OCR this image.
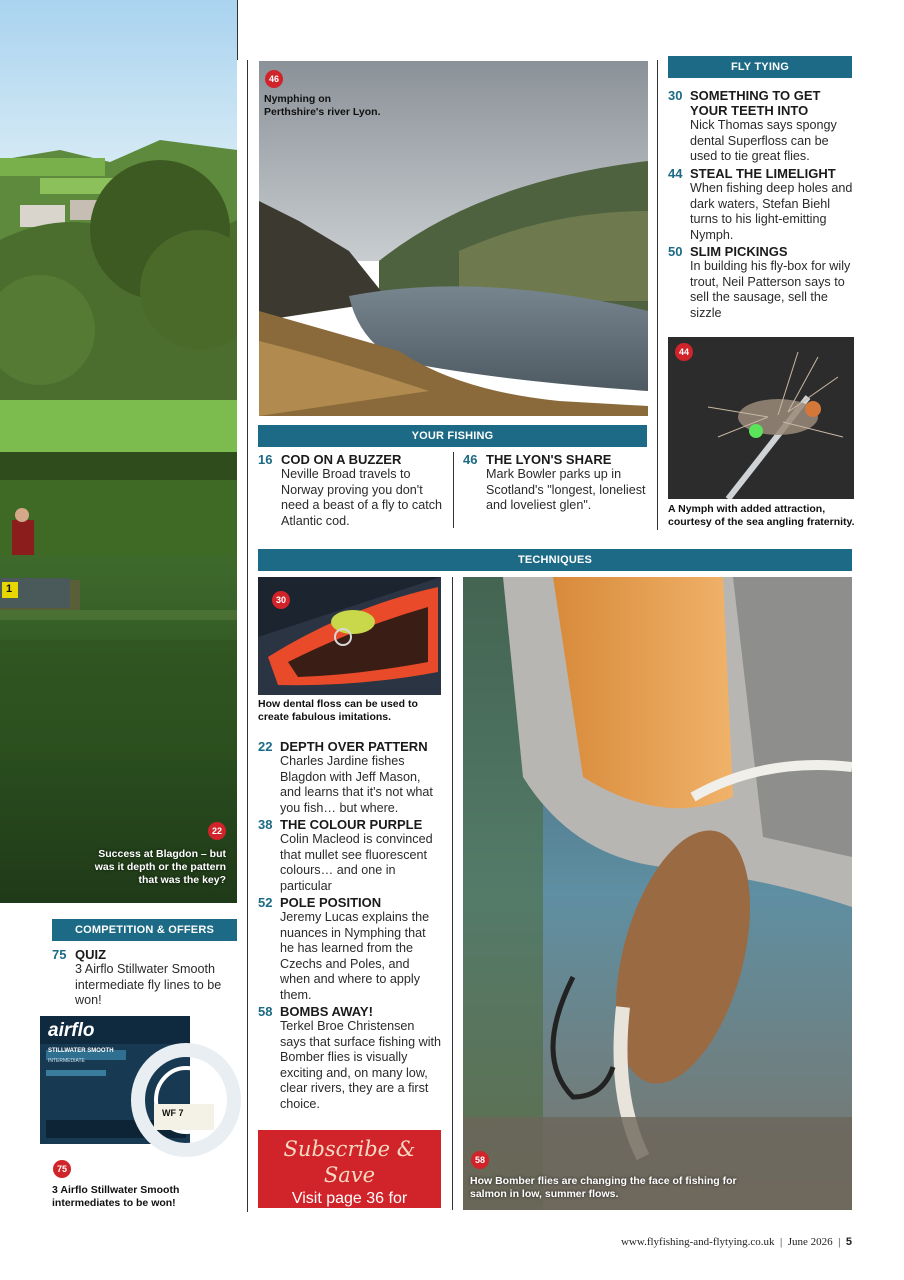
1
22
Success at Blagdon – but was it depth or the pattern that was the key?
COMPETITION & OFFERS
75 QUIZ
3 Airflo Stillwater Smooth intermediate fly lines to be won!
airflo
STILLWATER SMOOTH
INTERMEDIATE
WF 7
75
3 Airflo Stillwater Smooth intermediates to be won!
46
Nymphing on Perthshire's river Lyon.
YOUR FISHING
16 COD ON A BUZZER
Neville Broad travels to Norway proving you don't need a beast of a fly to catch Atlantic cod.
46 THE LYON'S SHARE
Mark Bowler parks up in Scotland's "longest, loneliest and loveliest glen".
FLY TYING
30 SOMETHING TO GET YOUR TEETH INTO
Nick Thomas says spongy dental Superfloss can be used to tie great flies.
44 STEAL THE LIMELIGHT
When fishing deep holes and dark waters, Stefan Biehl turns to his light-emitting Nymph.
50 SLIM PICKINGS
In building his fly-box for wily trout, Neil Patterson says to sell the sausage, sell the sizzle
44
A Nymph with added attraction, courtesy of the sea angling fraternity.
TECHNIQUES
30
How dental floss can be used to create fabulous imitations.
22 DEPTH OVER PATTERN
Charles Jardine fishes Blagdon with Jeff Mason, and learns that it's not what you fish… but where.
38 THE COLOUR PURPLE
Colin Macleod is convinced that mullet see fluorescent colours… and one in particular
52 POLE POSITION
Jeremy Lucas explains the nuances in Nymphing that he has learned from the Czechs and Poles, and when and where to apply them.
58 BOMBS AWAY!
Terkel Broe Christensen says that surface fishing with Bomber flies is visually exciting and, on many low, clear rivers, they are a first choice.
Subscribe & Save
Visit page 36 for our best offers
58
How Bomber flies are changing the face of fishing for salmon in low, summer flows.
www.flyfishing-and-flytying.co.uk | June 2026 | 5
